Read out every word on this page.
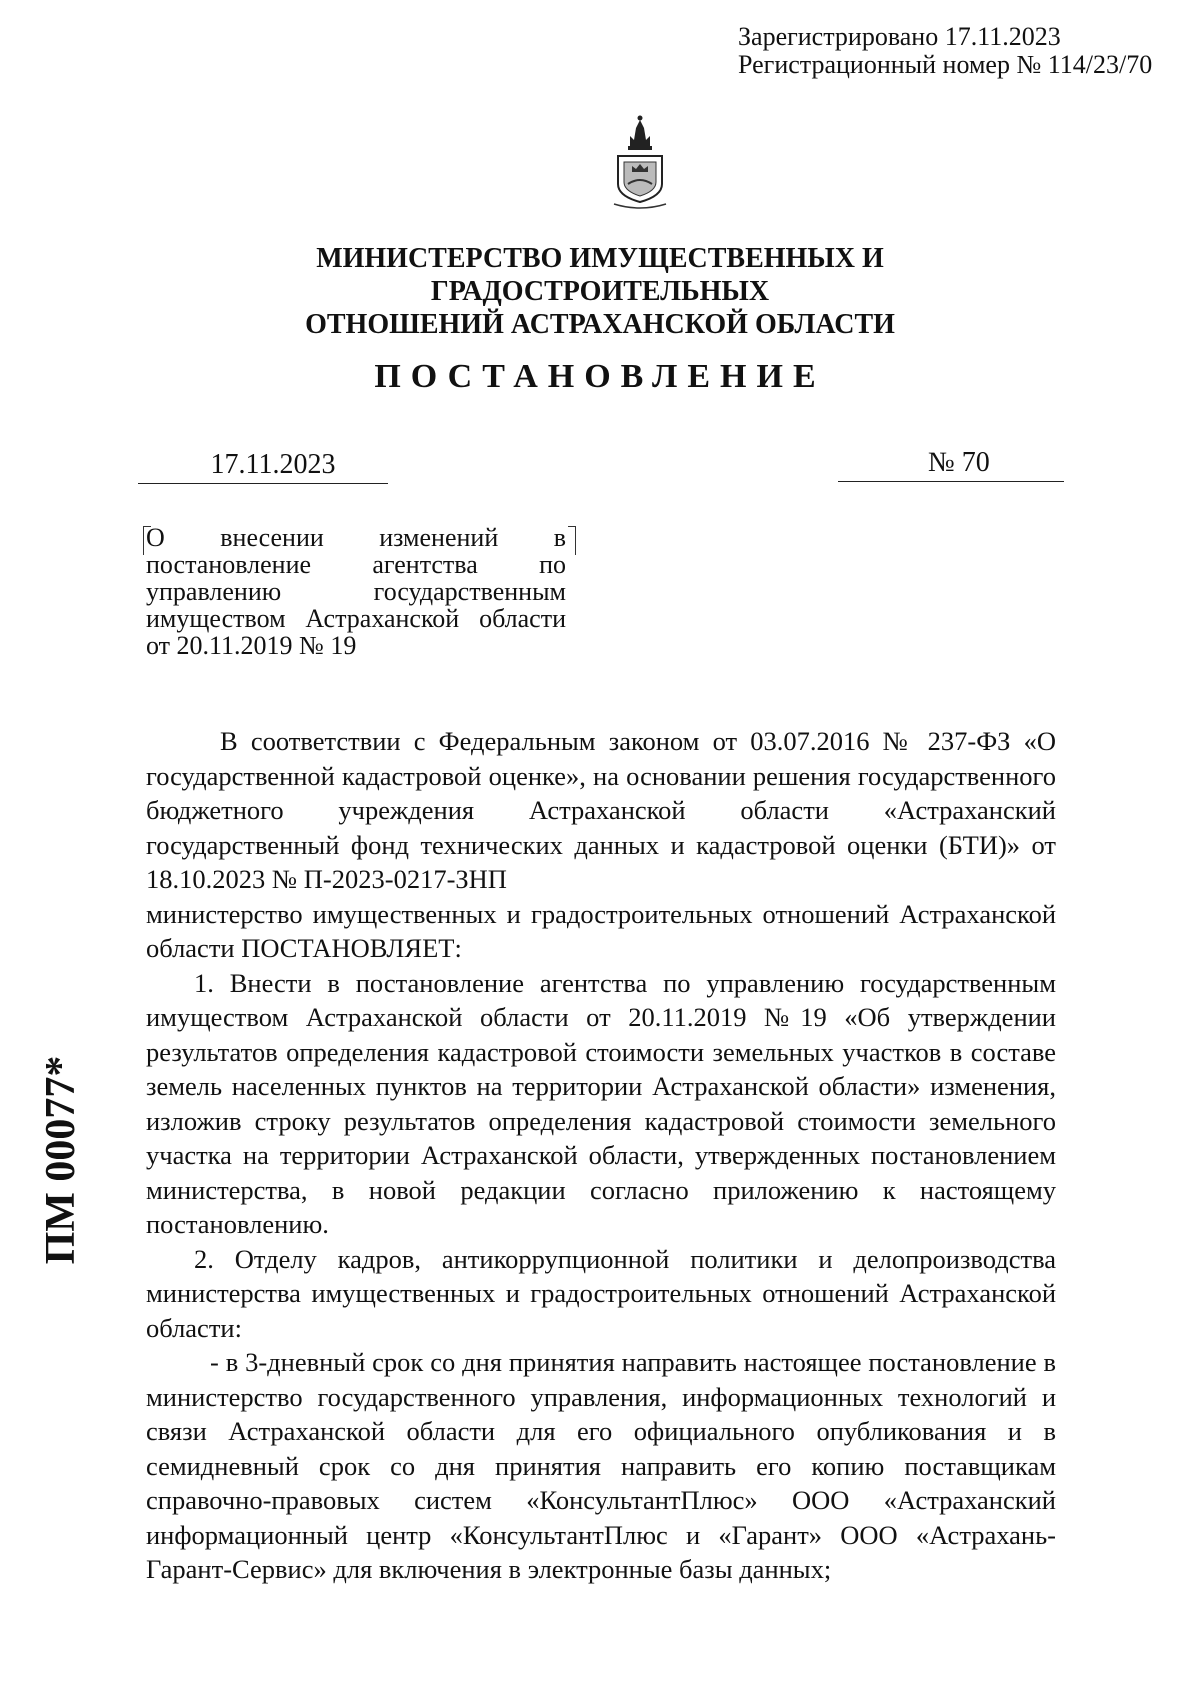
Зарегистрировано 17.11.2023
Регистрационный номер № 114/23/70
МИНИСТЕРСТВО ИМУЩЕСТВЕННЫХ И ГРАДОСТРОИТЕЛЬНЫХ
ОТНОШЕНИЙ АСТРАХАНСКОЙ ОБЛАСТИ
ПОСТАНОВЛЕНИЕ
17.11.2023	№ 70
О внесении изменений в постановление агентства по управлению государственным имуществом Астраханской области от 20.11.2019 № 19

В соответствии с Федеральным законом от 03.07.2016 № 237-ФЗ «О государственной кадастровой оценке», на основании решения государственного бюджетного учреждения Астраханской области «Астраханский государственный фонд технических данных и кадастровой оценки (БТИ)» от 18.10.2023 № П-2023-0217-ЗНП

министерство имущественных и градостроительных отношений Астраханской области ПОСТАНОВЛЯЕТ:

1. Внести в постановление агентства по управлению государственным имуществом Астраханской области от 20.11.2019 №19 «Об утверждении результатов определения кадастровой стоимости земельных участков в составе земель населенных пунктов на территории Астраханской области» изменения, изложив строку результатов определения кадастровой стоимости земельного участка на территории Астраханской области, утвержденных постановлением министерства, в новой редакции согласно приложению к настоящему постановлению.

2. Отделу кадров, антикоррупционной политики и делопроизводства министерства имущественных и градостроительных отношений Астраханской области:

- в 3-дневный срок со дня принятия направить настоящее постановление в министерство государственного управления, информационных технологий и связи Астраханской области для его официального опубликования и в семидневный срок со дня принятия направить его копию поставщикам справочно-правовых систем «КонсультантПлюс» ООО «Астраханский информационный центр «КонсультантПлюс и «Гарант» ООО «Астрахань-Гарант-Сервис» для включения в электронные базы данных;

ПМ 00077*
